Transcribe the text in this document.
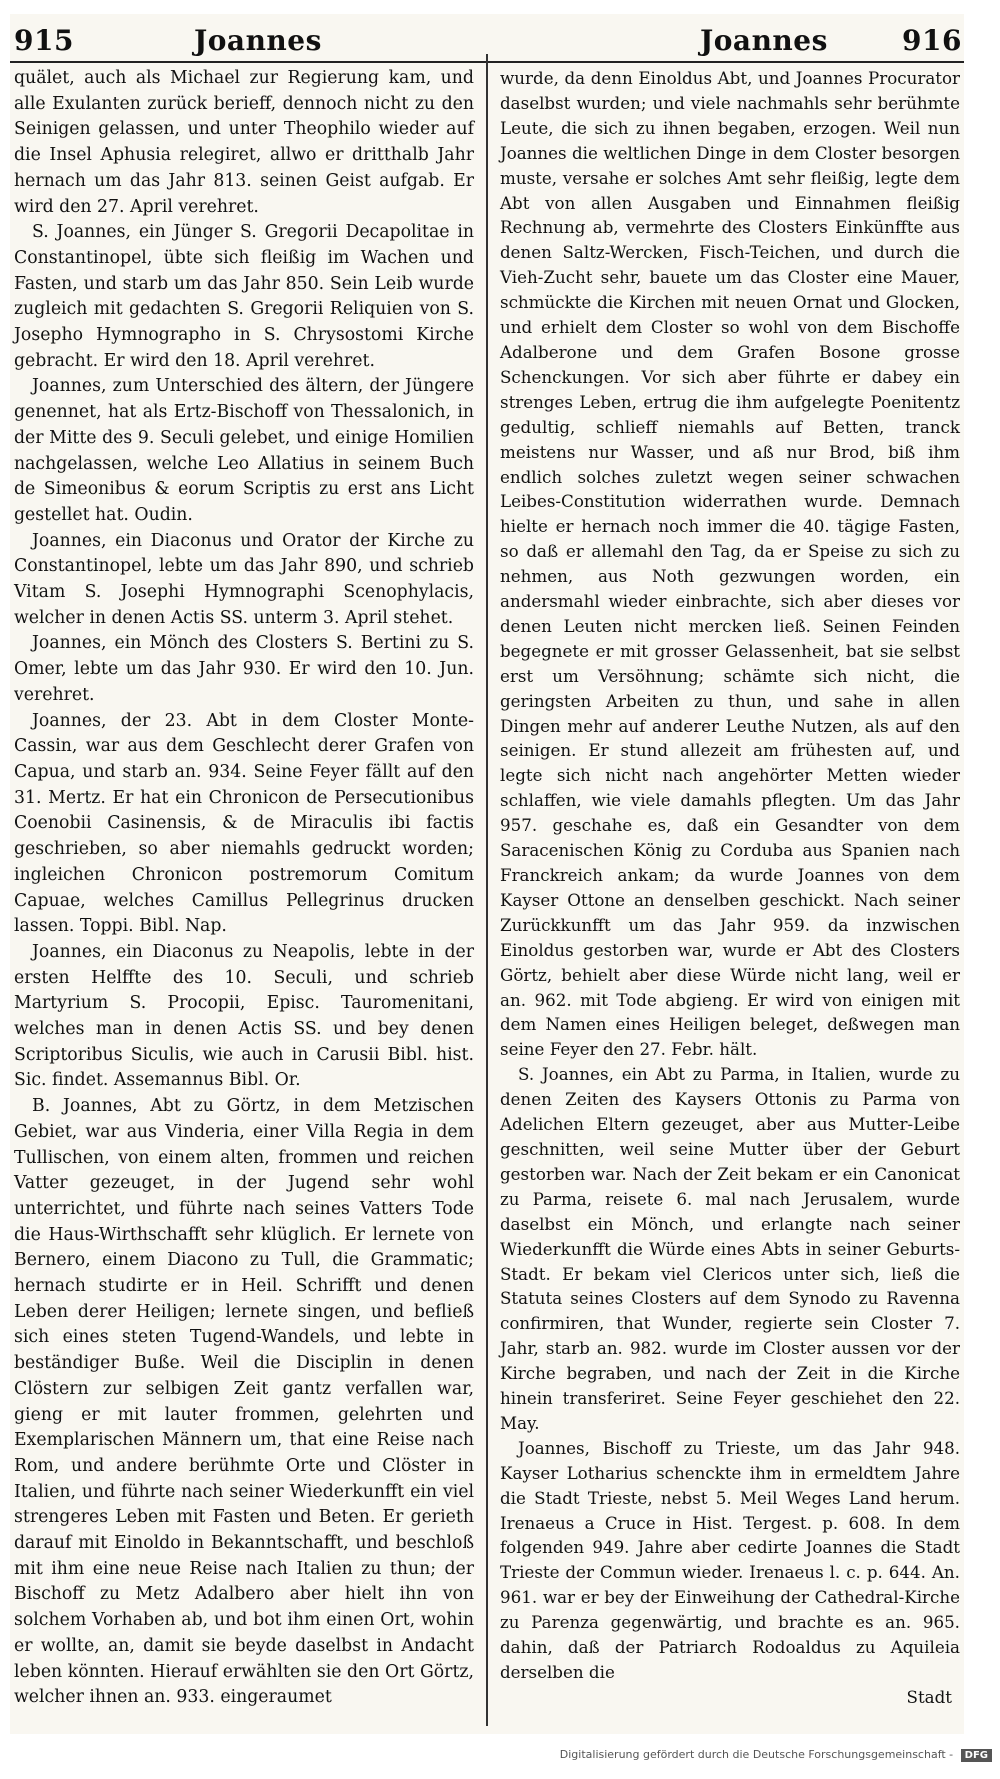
915	Joannes	Joannes	916

quälet, auch als Michael zur Regierung kam, und alle Exulanten zurück berieff, dennoch nicht zu den Seinigen gelassen, und unter Theophilo wieder auf die Insel Aphusia relegiret, allwo er dritthalb Jahr hernach um das Jahr 813. seinen Geist aufgab. Er wird den 27. April verehret.

S. Joannes, ein Jünger S. Gregorii Decapolitae in Constantinopel, übte sich fleißig im Wachen und Fasten, und starb um das Jahr 850. Sein Leib wurde zugleich mit gedachten S. Gregorii Reliquien von S. Josepho Hymnographo in S. Chrysostomi Kirche gebracht. Er wird den 18. April verehret.

Joannes, zum Unterschied des ältern, der Jüngere genennet, hat als Ertz-Bischoff von Thessalonich, in der Mitte des 9. Seculi gelebet, und einige Homilien nachgelassen, welche Leo Allatius in seinem Buch de Simeonibus & eorum Scriptis zu erst ans Licht gestellet hat. Oudin.

Joannes, ein Diaconus und Orator der Kirche zu Constantinopel, lebte um das Jahr 890, und schrieb Vitam S. Josephi Hymnographi Scenophylacis, welcher in denen Actis SS. unterm 3. April stehet.

Joannes, ein Mönch des Closters S. Bertini zu S. Omer, lebte um das Jahr 930. Er wird den 10. Jun. verehret.

Joannes, der 23. Abt in dem Closter Monte-Cassin, war aus dem Geschlecht derer Grafen von Capua, und starb an. 934. Seine Feyer fällt auf den 31. Mertz. Er hat ein Chronicon de Persecutionibus Coenobii Casinensis, & de Miraculis ibi factis geschrieben, so aber niemahls gedruckt worden; ingleichen Chronicon postremorum Comitum Capuae, welches Camillus Pellegrinus drucken lassen. Toppi. Bibl. Nap.

Joannes, ein Diaconus zu Neapolis, lebte in der ersten Helffte des 10. Seculi, und schrieb Martyrium S. Procopii, Episc. Tauromenitani, welches man in denen Actis SS. und bey denen Scriptoribus Siculis, wie auch in Carusii Bibl. hist. Sic. findet. Assemannus Bibl. Or.

B. Joannes, Abt zu Görtz, in dem Metzischen Gebiet, war aus Vinderia, einer Villa Regia in dem Tullischen, von einem alten, frommen und reichen Vatter gezeuget, in der Jugend sehr wohl unterrichtet, und führte nach seines Vatters Tode die Haus-Wirthschafft sehr klüglich. Er lernete von Bernero, einem Diacono zu Tull, die Grammatic; hernach studirte er in Heil. Schrifft und denen Leben derer Heiligen; lernete singen, und befließ sich eines steten Tugend-Wandels, und lebte in beständiger Buße. Weil die Disciplin in denen Clöstern zur selbigen Zeit gantz verfallen war, gieng er mit lauter frommen, gelehrten und Exemplarischen Männern um, that eine Reise nach Rom, und andere berühmte Orte und Clöster in Italien, und führte nach seiner Wiederkunfft ein viel strengeres Leben mit Fasten und Beten. Er gerieth darauf mit Einoldo in Bekanntschafft, und beschloß mit ihm eine neue Reise nach Italien zu thun; der Bischoff zu Metz Adalbero aber hielt ihn von solchem Vorhaben ab, und bot ihm einen Ort, wohin er wollte, an, damit sie beyde daselbst in Andacht leben könnten. Hierauf erwählten sie den Ort Görtz, welcher ihnen an. 933. eingeraumet

wurde, da denn Einoldus Abt, und Joannes Procurator daselbst wurden; und viele nachmahls sehr berühmte Leute, die sich zu ihnen begaben, erzogen. Weil nun Joannes die weltlichen Dinge in dem Closter besorgen muste, versahe er solches Amt sehr fleißig, legte dem Abt von allen Ausgaben und Einnahmen fleißig Rechnung ab, vermehrte des Closters Einkünffte aus denen Saltz-Wercken, Fisch-Teichen, und durch die Vieh-Zucht sehr, bauete um das Closter eine Mauer, schmückte die Kirchen mit neuen Ornat und Glocken, und erhielt dem Closter so wohl von dem Bischoffe Adalberone und dem Grafen Bosone grosse Schenckungen. Vor sich aber führte er dabey ein strenges Leben, ertrug die ihm aufgelegte Poenitentz gedultig, schlieff niemahls auf Betten, tranck meistens nur Wasser, und aß nur Brod, biß ihm endlich solches zuletzt wegen seiner schwachen Leibes-Constitution widerrathen wurde. Demnach hielte er hernach noch immer die 40. tägige Fasten, so daß er allemahl den Tag, da er Speise zu sich zu nehmen, aus Noth gezwungen worden, ein andersmahl wieder einbrachte, sich aber dieses vor denen Leuten nicht mercken ließ. Seinen Feinden begegnete er mit grosser Gelassenheit, bat sie selbst erst um Versöhnung; schämte sich nicht, die geringsten Arbeiten zu thun, und sahe in allen Dingen mehr auf anderer Leuthe Nutzen, als auf den seinigen. Er stund allezeit am frühesten auf, und legte sich nicht nach angehörter Metten wieder schlaffen, wie viele damahls pflegten. Um das Jahr 957. geschahe es, daß ein Gesandter von dem Saracenischen König zu Corduba aus Spanien nach Franckreich ankam; da wurde Joannes von dem Kayser Ottone an denselben geschickt. Nach seiner Zurückkunfft um das Jahr 959. da inzwischen Einoldus gestorben war, wurde er Abt des Closters Görtz, behielt aber diese Würde nicht lang, weil er an. 962. mit Tode abgieng. Er wird von einigen mit dem Namen eines Heiligen beleget, deßwegen man seine Feyer den 27. Febr. hält.

S. Joannes, ein Abt zu Parma, in Italien, wurde zu denen Zeiten des Kaysers Ottonis zu Parma von Adelichen Eltern gezeuget, aber aus Mutter-Leibe geschnitten, weil seine Mutter über der Geburt gestorben war. Nach der Zeit bekam er ein Canonicat zu Parma, reisete 6. mal nach Jerusalem, wurde daselbst ein Mönch, und erlangte nach seiner Wiederkunfft die Würde eines Abts in seiner Geburts-Stadt. Er bekam viel Clericos unter sich, ließ die Statuta seines Closters auf dem Synodo zu Ravenna confirmiren, that Wunder, regierte sein Closter 7. Jahr, starb an. 982. wurde im Closter aussen vor der Kirche begraben, und nach der Zeit in die Kirche hinein transferiret. Seine Feyer geschiehet den 22. May.

Joannes, Bischoff zu Trieste, um das Jahr 948. Kayser Lotharius schenckte ihm in ermeldtem Jahre die Stadt Trieste, nebst 5. Meil Weges Land herum. Irenaeus a Cruce in Hist. Tergest. p. 608. In dem folgenden 949. Jahre aber cedirte Joannes die Stadt Trieste der Commun wieder. Irenaeus l. c. p. 644. An. 961. war er bey der Einweihung der Cathedral-Kirche zu Parenza gegenwärtig, und brachte es an. 965. dahin, daß der Patriarch Rodoaldus zu Aquileia derselben die

Stadt

Digitalisierung gefördert durch die Deutsche Forschungsgemeinschaft - DFG
